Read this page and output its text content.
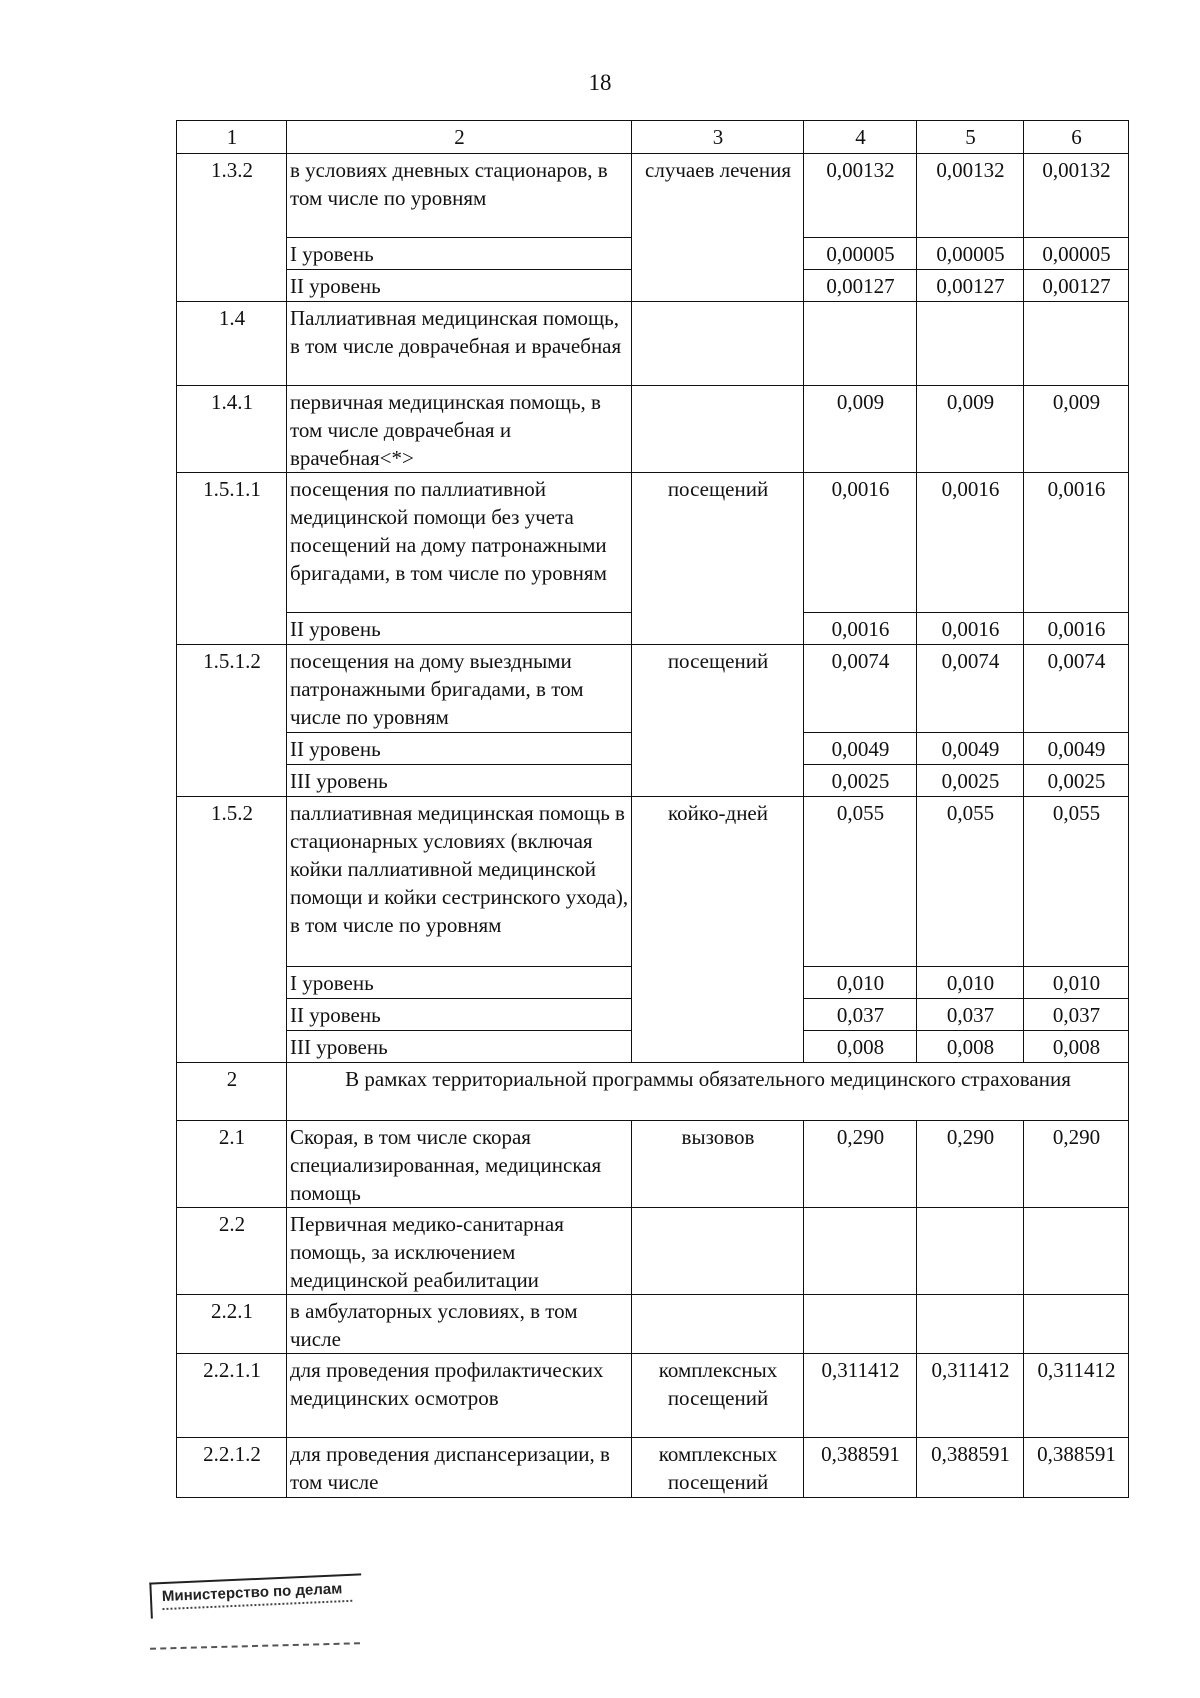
18
1	2	3	4	5	6
1.3.2	в условиях дневных стационаров, в том числе по уровням	случаев лечения	0,00132	0,00132	0,00132
	I уровень		0,00005	0,00005	0,00005
	II уровень		0,00127	0,00127	0,00127
1.4	Паллиативная медицинская помощь, в том числе доврачебная и врачебная				
1.4.1	первичная медицинская помощь, в том числе доврачебная и врачебная<*>		0,009	0,009	0,009
1.5.1.1	посещения по паллиативной медицинской помощи без учета посещений на дому патронажными бригадами, в том числе по уровням	посещений	0,0016	0,0016	0,0016
	II уровень		0,0016	0,0016	0,0016
1.5.1.2	посещения на дому выездными патронажными бригадами, в том числе по уровням	посещений	0,0074	0,0074	0,0074
	II уровень		0,0049	0,0049	0,0049
	III уровень		0,0025	0,0025	0,0025
1.5.2	паллиативная медицинская помощь в стационарных условиях (включая койки паллиативной медицинской помощи и койки сестринского ухода), в том числе по уровням	койко-дней	0,055	0,055	0,055
	I уровень		0,010	0,010	0,010
	II уровень		0,037	0,037	0,037
	III уровень		0,008	0,008	0,008
2	В рамках территориальной программы обязательного медицинского страхования				
2.1	Скорая, в том числе скорая специализированная, медицинская помощь	вызовов	0,290	0,290	0,290
2.2	Первичная медико-санитарная помощь, за исключением медицинской реабилитации				
2.2.1	в амбулаторных условиях, в том числе				
2.2.1.1	для проведения профилактических медицинских осмотров	комплексных посещений	0,311412	0,311412	0,311412
2.2.1.2	для проведения диспансеризации, в том числе	комплексных посещений	0,388591	0,388591	0,388591
Министерство по делам
